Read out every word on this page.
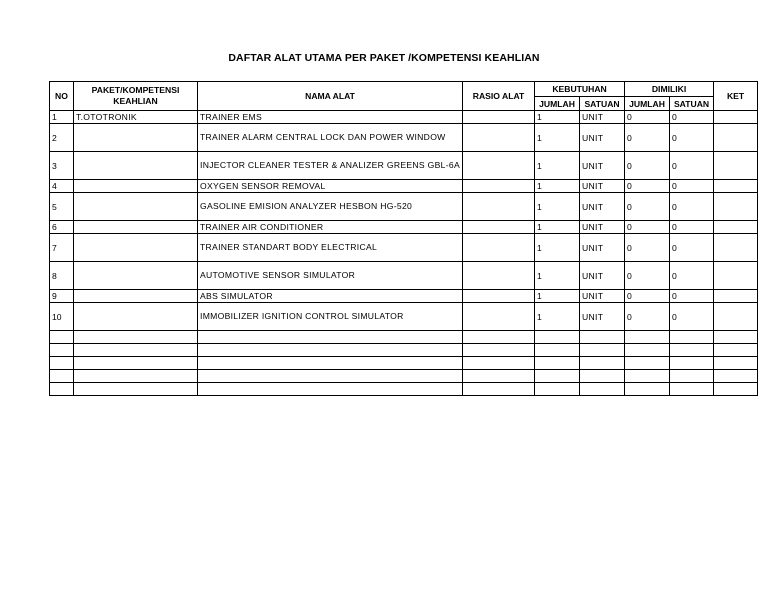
DAFTAR ALAT UTAMA PER PAKET /KOMPETENSI KEAHLIAN
NO	PAKET/KOMPETENSI KEAHLIAN	NAMA ALAT	RASIO ALAT	KEBUTUHAN		DIMILIKI		KET
				JUMLAH	SATUAN	JUMLAH	SATUAN	
1	T.OTOTRONIK	TRAINER EMS		1	UNIT	0	0	
2		TRAINER ALARM CENTRAL LOCK DAN POWER WINDOW		1	UNIT	0	0	
3		INJECTOR CLEANER TESTER & ANALIZER GREENS GBL-6A		1	UNIT	0	0	
4		OXYGEN SENSOR REMOVAL		1	UNIT	0	0	
5		GASOLINE EMISION ANALYZER HESBON HG-520		1	UNIT	0	0	
6		TRAINER AIR CONDITIONER		1	UNIT	0	0	
7		TRAINER STANDART BODY ELECTRICAL		1	UNIT	0	0	
8		AUTOMOTIVE SENSOR SIMULATOR		1	UNIT	0	0	
9		ABS SIMULATOR		1	UNIT	0	0	
10		IMMOBILIZER IGNITION CONTROL SIMULATOR		1	UNIT	0	0	
